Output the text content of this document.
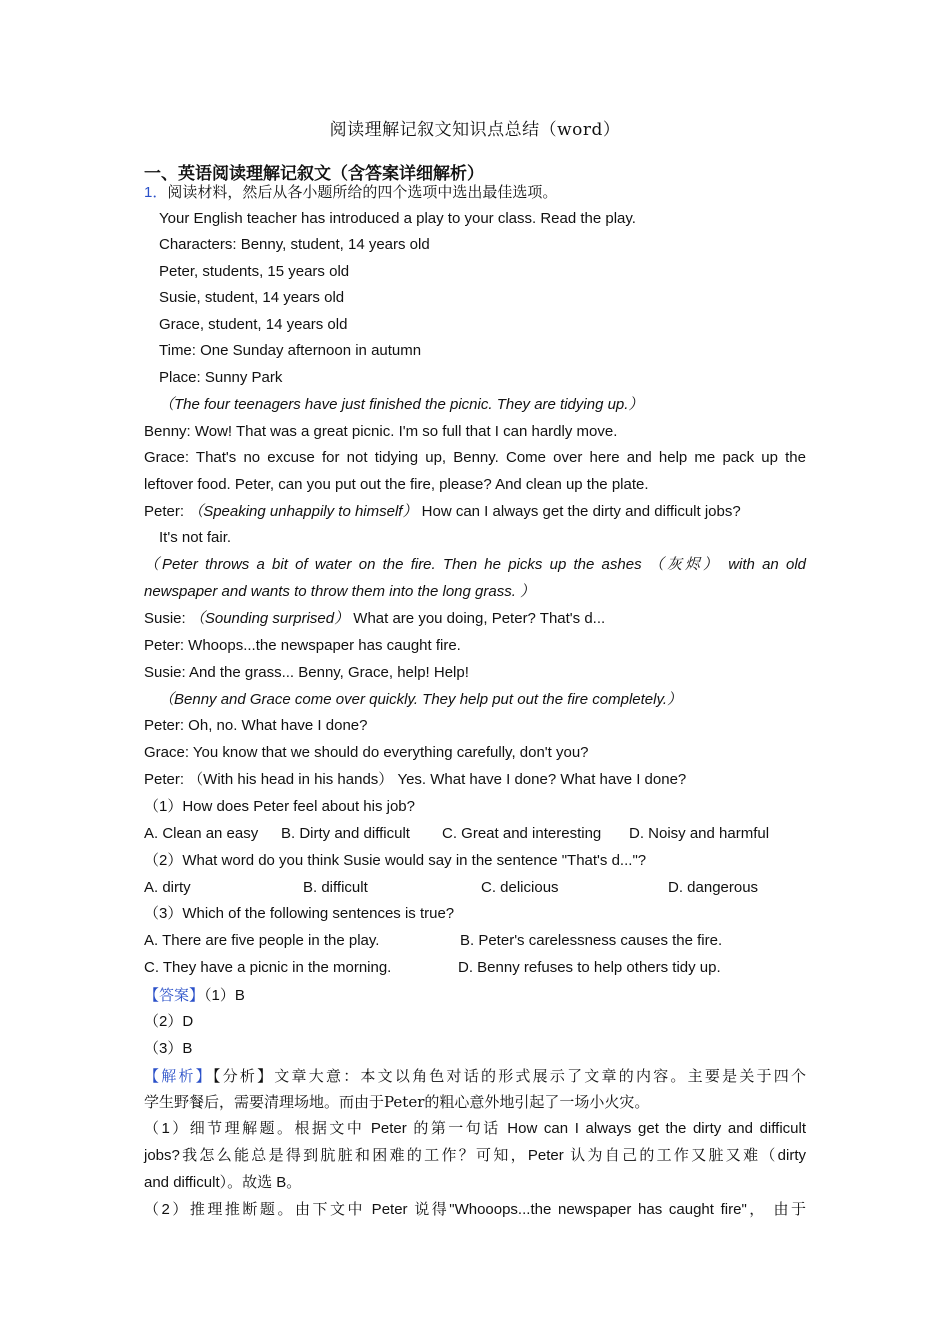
阅读理解记叙文知识点总结（word）
一、英语阅读理解记叙文（含答案详细解析）
1．阅读材料，然后从各小题所给的四个选项中选出最佳选项。
Your English teacher has introduced a play to your class. Read the play.
Characters: Benny, student, 14 years old
Peter, students, 15 years old
Susie, student, 14 years old
Grace, student, 14 years old
Time: One Sunday afternoon in autumn
Place: Sunny Park
（The four teenagers have just finished the picnic. They are tidying up.）
Benny: Wow! That was a great picnic. I'm so full that I can hardly move.
Grace: That's no excuse for not tidying up, Benny. Come over here and help me pack up the
leftover food. Peter, can you put out the fire, please? And clean up the plate.
Peter: （Speaking unhappily to himself） How can I always get the dirty and difficult jobs?
It's not fair.
（Peter throws a bit of water on the fire. Then he picks up the ashes （灰烬） with an old
newspaper and wants to throw them into the long grass. ）
Susie: （Sounding surprised） What are you doing, Peter? That's d...
Peter: Whoops...the newspaper has caught fire.
Susie: And the grass... Benny, Grace, help! Help!
（Benny and Grace come over quickly. They help put out the fire completely.）
Peter: Oh, no. What have I done?
Grace: You know that we should do everything carefully, don't you?
Peter: （With his head in his hands） Yes. What have I done? What have I done?
（1）How does Peter feel about his job?
A. Clean an easy B. Dirty and difficult C. Great and interesting D. Noisy and harmful
（2）What word do you think Susie would say in the sentence "That's d..."?
A. dirty	B. difficult	C. delicious	D. dangerous
（3）Which of the following sentences is true?
A. There are five people in the play.	B. Peter's carelessness causes the fire.
C. They have a picnic in the morning.	D. Benny refuses to help others tidy up.
【答案】（1）B
（2）D
（3）B
【解析】【分析】文章大意：本文以角色对话的形式展示了文章的内容。主要是关于四个
学生野餐后，需要清理场地。而由于Peter的粗心意外地引起了一场小火灾。
（1）细节理解题。根据文中 Peter 的第一句话 How can I always get the dirty and difficult
jobs?我怎么能总是得到肮脏和困难的工作？可知，Peter 认为自己的工作又脏又难（dirty
and difficult）。故选 B。
（2）推理推断题。由下文中 Peter 说得"Whooops...the newspaper has caught fire"， 由于
